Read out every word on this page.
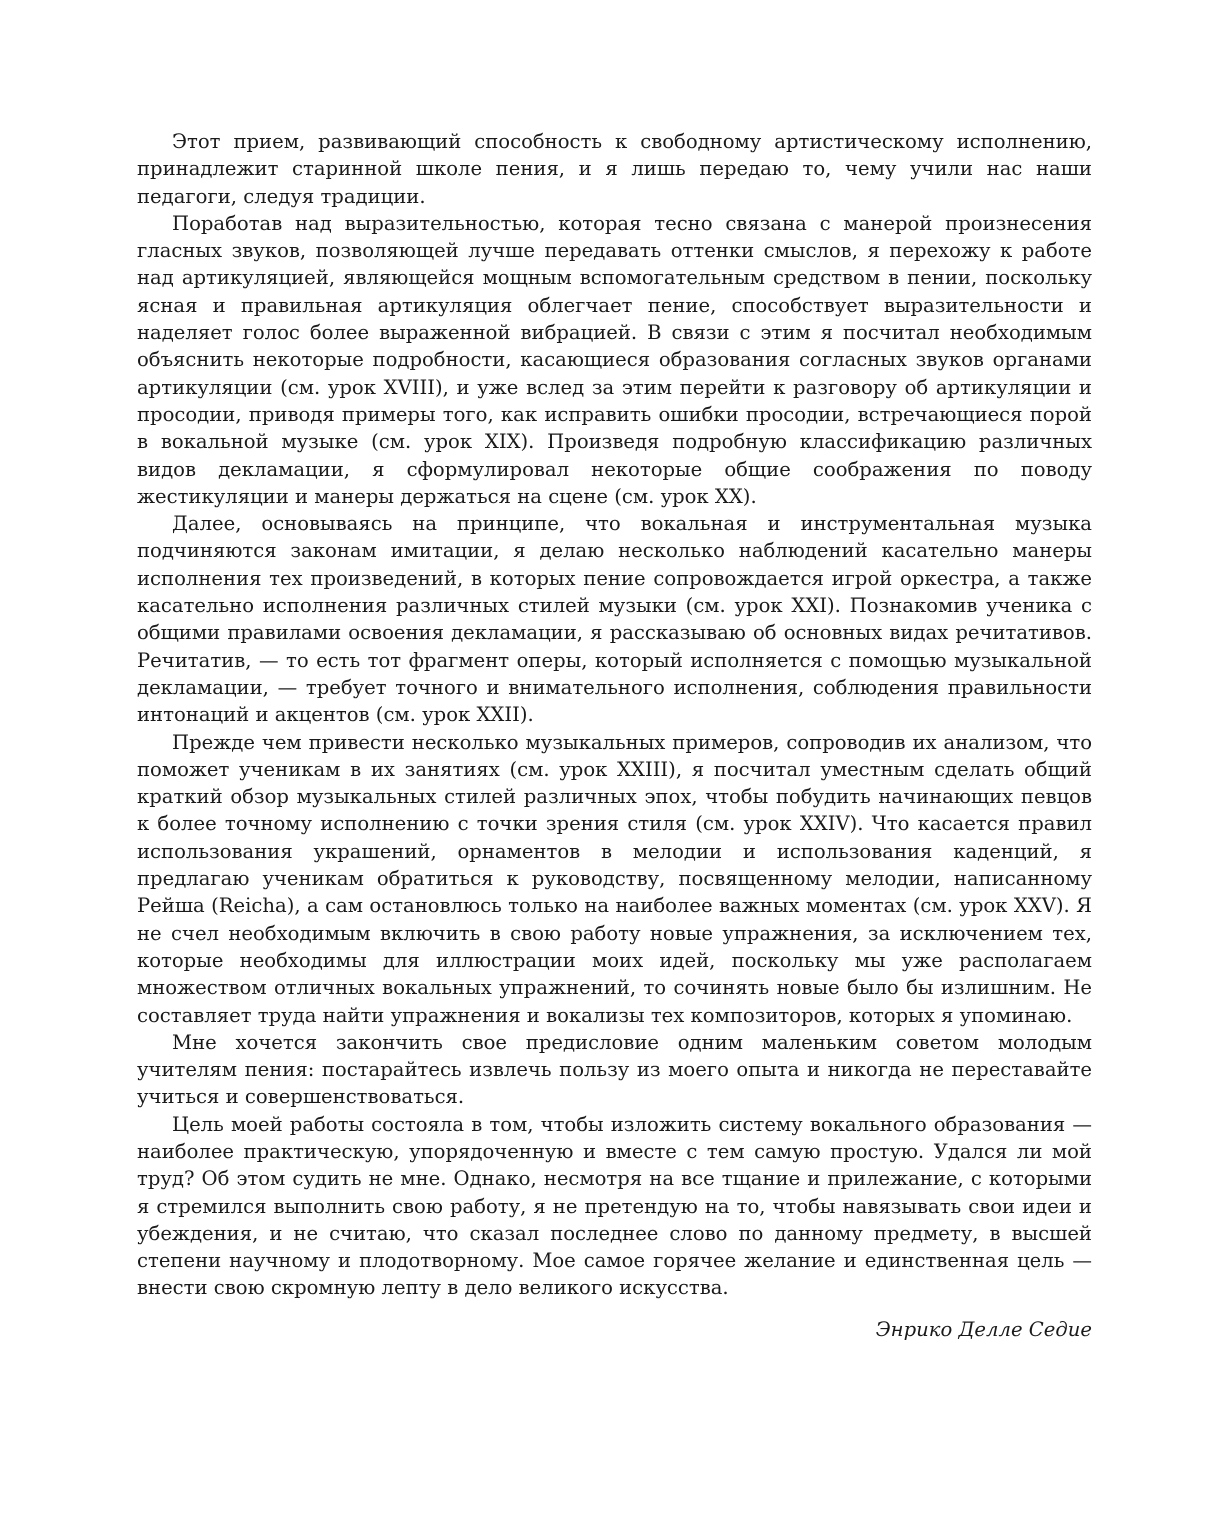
Этот прием, развивающий способность к свободному артистическому исполнению, принадлежит старинной школе пения, и я лишь передаю то, чему учили нас наши педагоги, следуя традиции.

Поработав над выразительностью, которая тесно связана с манерой произнесения гласных звуков, позволяющей лучше передавать оттенки смыслов, я перехожу к работе над артикуляцией, являющейся мощным вспомогательным средством в пении, поскольку ясная и правильная артикуляция облегчает пение, способствует выразительности и наделяет голос более выраженной вибрацией. В связи с этим я посчитал необходимым объяснить некоторые подробности, касающиеся образования согласных звуков органами артикуляции (см. урок XVIII), и уже вслед за этим перейти к разговору об артикуляции и просодии, приводя примеры того, как исправить ошибки просодии, встречающиеся порой в вокальной музыке (см. урок XIX). Произведя подробную классификацию различных видов декламации, я сформулировал некоторые общие соображения по поводу жестикуляции и манеры держаться на сцене (см. урок XX).

Далее, основываясь на принципе, что вокальная и инструментальная музыка подчиняются законам имитации, я делаю несколько наблюдений касательно манеры исполнения тех произведений, в которых пение сопровождается игрой оркестра, а также касательно исполнения различных стилей музыки (см. урок XXI). Познакомив ученика с общими правилами освоения декламации, я рассказываю об основных видах речитативов. Речитатив, — то есть тот фрагмент оперы, который исполняется с помощью музыкальной декламации, — требует точного и внимательного исполнения, соблюдения правильности интонаций и акцентов (см. урок XXII).

Прежде чем привести несколько музыкальных примеров, сопроводив их анализом, что поможет ученикам в их занятиях (см. урок XXIII), я посчитал уместным сделать общий краткий обзор музыкальных стилей различных эпох, чтобы побудить начинающих певцов к более точному исполнению с точки зрения стиля (см. урок XXIV). Что касается правил использования украшений, орнаментов в мелодии и использования каденций, я предлагаю ученикам обратиться к руководству, посвященному мелодии, написанному Рейша (Reicha), а сам остановлюсь только на наиболее важных моментах (см. урок XXV). Я не счел необходимым включить в свою работу новые упражнения, за исключением тех, которые необходимы для иллюстрации моих идей, поскольку мы уже располагаем множеством отличных вокальных упражнений, то сочинять новые было бы излишним. Не составляет труда найти упражнения и вокализы тех композиторов, которых я упоминаю.

Мне хочется закончить свое предисловие одним маленьким советом молодым учителям пения: постарайтесь извлечь пользу из моего опыта и никогда не переставайте учиться и совершенствоваться.

Цель моей работы состояла в том, чтобы изложить систему вокального образования — наиболее практическую, упорядоченную и вместе с тем самую простую. Удался ли мой труд? Об этом судить не мне. Однако, несмотря на все тщание и прилежание, с которыми я стремился выполнить свою работу, я не претендую на то, чтобы навязывать свои идеи и убеждения, и не считаю, что сказал последнее слово по данному предмету, в высшей степени научному и плодотворному. Мое самое горячее желание и единственная цель — внести свою скромную лепту в дело великого искусства.

Энрико Делле Седие
